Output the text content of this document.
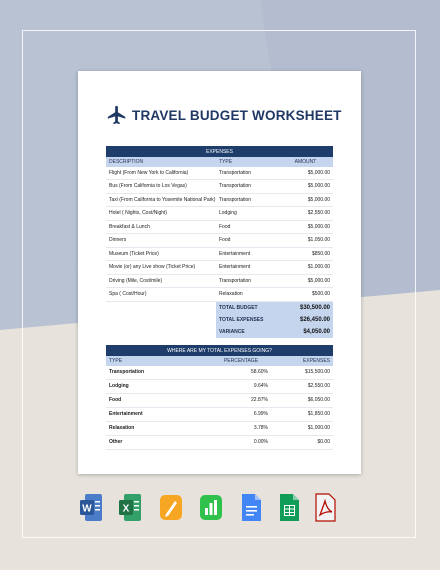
TRAVEL BUDGET WORKSHEET
EXPENSES		
DESCRIPTION	TYPE	AMOUNT
Flight (From New York to California)	Transportation	$5,000.00
Bus (From California to Los Vegas)	Transportation	$5,000.00
Taxi (From California to Yosemite National Park)	Transportation	$5,000.00
Hotel ( Nights, Cost/Night)	Lodging	$2,550.00
Breakfast & Lunch	Food	$5,000.00
Dinners	Food	$1,050.00
Museum (Ticket Price)	Entertainment	$850.00
Movie (or) any Live show (Ticket Price)	Entertainment	$1,000.00
Driving (Mile, Cost/mile)	Transportation	$5,000.00
Spa ( Cost/Hour)	Relaxation	$500.00
	TOTAL BUDGET	$30,500.00
	TOTAL EXPENSES	$26,450.00
	VARIANCE	$4,050.00
WHERE ARE MY TOTAL EXPENSES GOING?		
TYPE	PERCENTAGE	EXPENSES
Transportation	58.60%	$15,500.00
Lodging	9.64%	$2,550.00
Food	22.87%	$6,050.00
Entertainment	6.99%	$1,850.00
Relaxation	3.78%	$1,000.00
Other	0.00%	$0.00
W	X
